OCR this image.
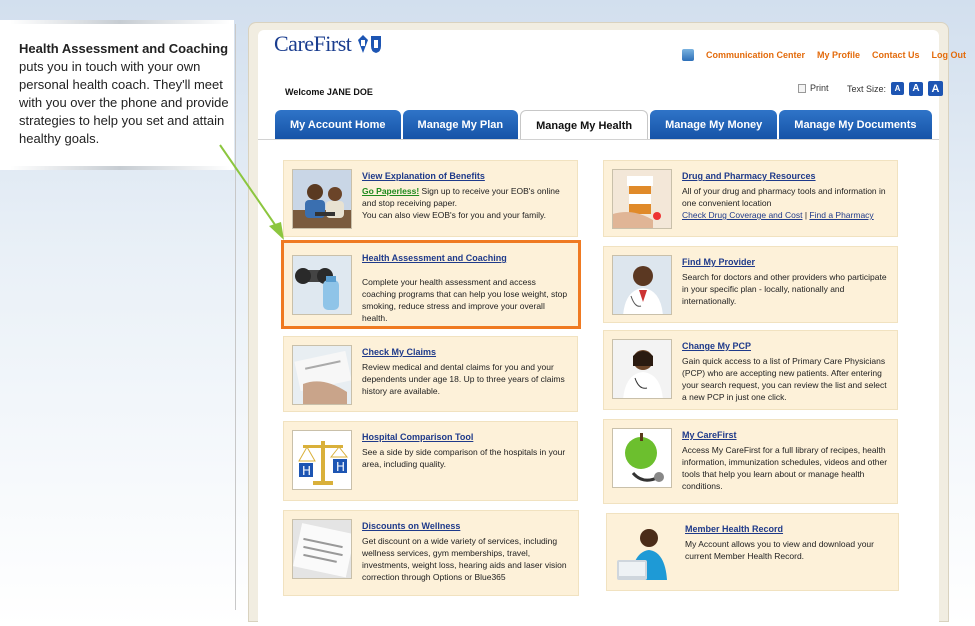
Health Assessment and Coaching puts you in touch with your own personal health coach. They'll meet with you over the phone and provide strategies to help you set and attain healthy goals.
CareFirst	Communication Center My Profile Contact Us Log Out
Welcome JANE DOE	Print Text Size:	A	A	A
My Account Home	Manage My Plan	Manage My Health	Manage My Money	Manage My Documents
View Explanation of Benefits
Go Paperless! Sign up to receive your EOB's online and stop receiving paper.
You can also view EOB's for you and your family.
Health Assessment and Coaching
Complete your health assessment and access coaching programs that can help you lose weight, stop smoking, reduce stress and improve your overall health.
Check My Claims
Review medical and dental claims for you and your dependents under age 18. Up to three years of claims history are available.
H H
Hospital Comparison Tool
See a side by side comparison of the hospitals in your area, including quality.
Discounts on Wellness
Get discount on a wide variety of services, including wellness services, gym memberships, travel, investments, weight loss, hearing aids and laser vision correction through Options or Blue365
Drug and Pharmacy Resources
All of your drug and pharmacy tools and information in one convenient location
Check Drug Coverage and Cost | Find a Pharmacy
Find My Provider
Search for doctors and other providers who participate in your specific plan - locally, nationally and internationally.
Change My PCP
Gain quick access to a list of Primary Care Physicians (PCP) who are accepting new patients. After entering your search request, you can review the list and select a new PCP in just one click.
My CareFirst
Access My CareFirst for a full library of recipes, health information, immunization schedules, videos and other tools that help you learn about or manage health conditions.
Member Health Record
My Account allows you to view and download your current Member Health Record.
